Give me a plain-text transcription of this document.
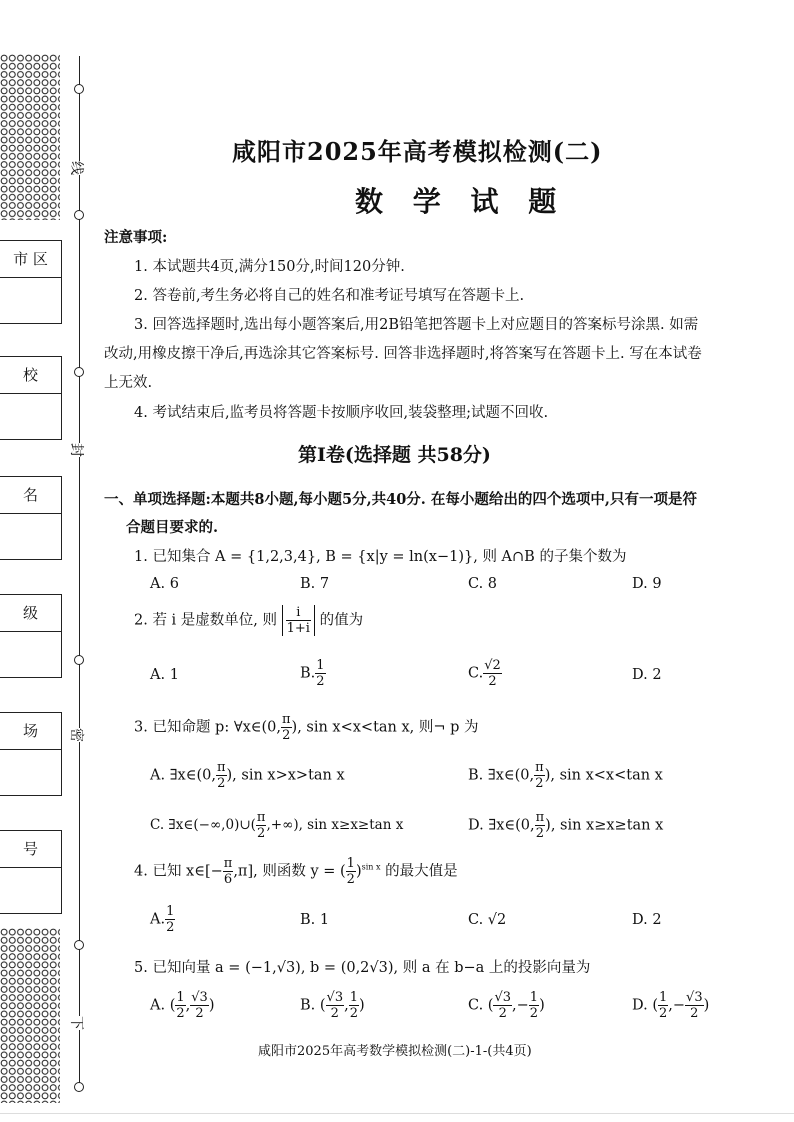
线
封
密
下
市 区
校
名
级
场
号
咸阳市2025年高考模拟检测(二)
数 学 试 题
注意事项:
1. 本试题共4页,满分150分,时间120分钟.
2. 答卷前,考生务必将自己的姓名和准考证号填写在答题卡上.
3. 回答选择题时,选出每小题答案后,用2B铅笔把答题卡上对应题目的答案标号涂黑. 如需
改动,用橡皮擦干净后,再选涂其它答案标号. 回答非选择题时,将答案写在答题卡上. 写在本试卷
上无效.
4. 考试结束后,监考员将答题卡按顺序收回,装袋整理;试题不回收.
第Ⅰ卷(选择题 共58分)
一、单项选择题:本题共8小题,每小题5分,共40分. 在每小题给出的四个选项中,只有一项是符
合题目要求的.
1. 已知集合 A = {1,2,3,4}, B = {x|y = ln(x−1)}, 则 A∩B 的子集个数为
A. 6	B. 7	C. 8	D. 9
2. 若 i 是虚数单位, 则 $\frac{i}{1+i}$ 的值为
A. 1	B. $\frac{1}{2}$	C. $\frac{√2}{2}$	D. 2
3. 已知命题 p: ∀x∈(0, $\frac{\pi}{2}$ ), sin x<x<tan x, 则¬ p 为
A. ∃x∈(0, $\frac{\pi}{2}$ ), sin x>x>tan x	B. ∃x∈(0, $\frac{\pi}{2}$ ), sin x<x<tan x
C. ∃x∈(−∞,0)∪( $\frac{\pi}{2}$ ,+∞), sin x≥x≥tan x	D. ∃x∈(0, $\frac{\pi}{2}$ ), sin x≥x≥tan x
4. 已知 x∈[− $\frac{\pi}{6} ,\pi$], 则函数 y = ( $\frac{1}{2} )^{sin x}$ 的最大值是
A. $\frac{1}{2}$	B. 1	C. √2	D. 2
5. 已知向量 a = (−1,√3), b = (0,2√3), 则 a 在 b−a 上的投影向量为
A. ( $\frac{1}{2}$ , $\frac{√3}{2}$ )	B. ( $\frac{√3}{2}$ , $\frac{1}{2}$ )	C. ( $\frac{√3}{2}$ ,− $\frac{1}{2}$ )	D. ( $\frac{1}{2}$ ,− $\frac{√3}{2}$ )
咸阳市2025年高考数学模拟检测(二)-1-(共4页)
